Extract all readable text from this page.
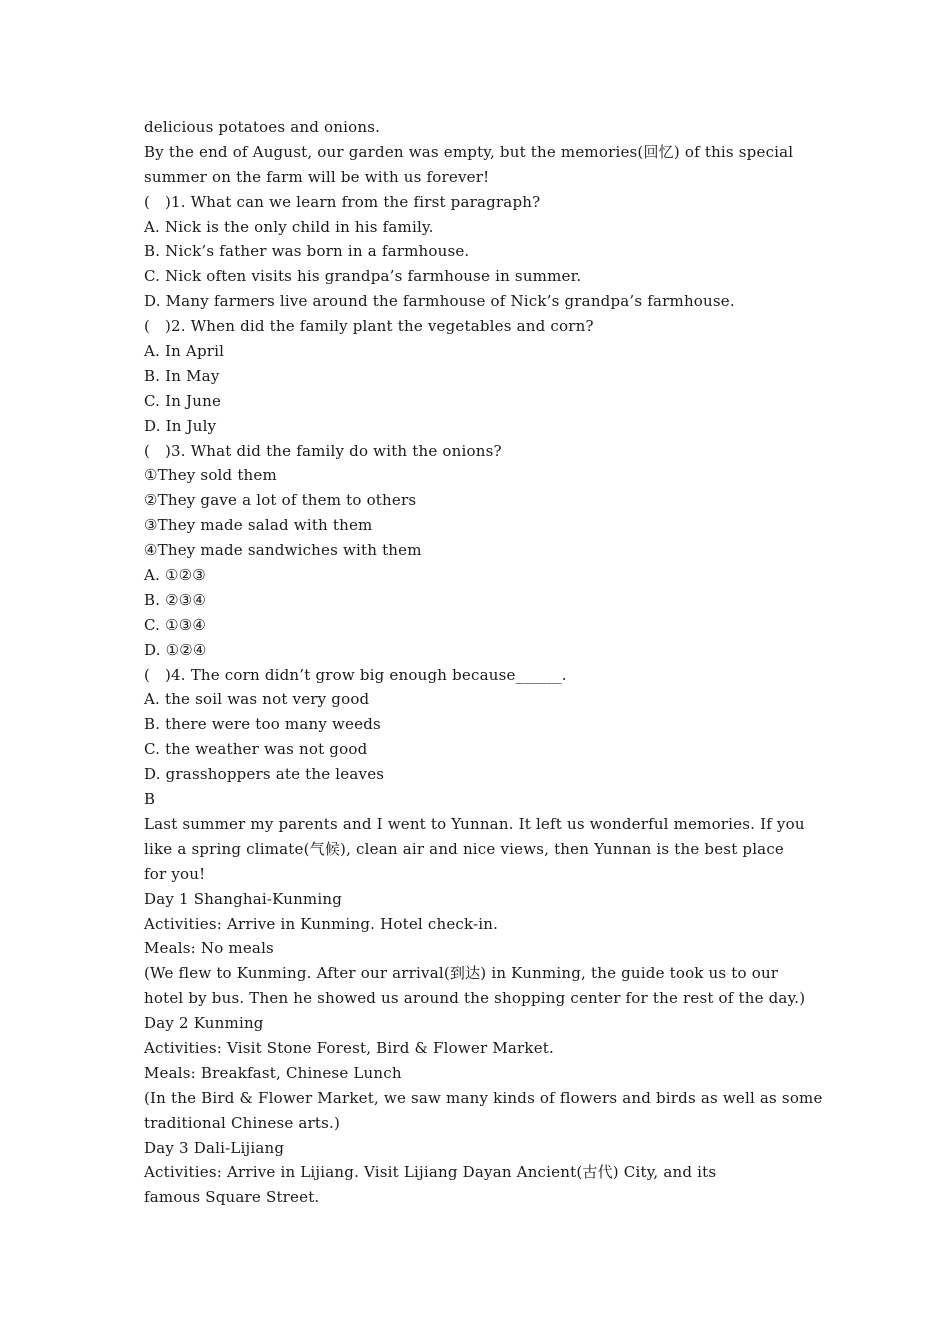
delicious potatoes and onions.
By the end of August, our garden was empty, but the memories(回忆) of this special
summer on the farm will be with us forever!
(   )1. What can we learn from the first paragraph?
A. Nick is the only child in his family.
B. Nick’s father was born in a farmhouse.
C. Nick often visits his grandpa’s farmhouse in summer.
D. Many farmers live around the farmhouse of Nick’s grandpa’s farmhouse.
(   )2. When did the family plant the vegetables and corn?
A. In April
B. In May
C. In June
D. In July
(   )3. What did the family do with the onions?
①They sold them
②They gave a lot of them to others
③They made salad with them
④They made sandwiches with them
A. ①②③
B. ②③④
C. ①③④
D. ①②④
(   )4. The corn didn’t grow big enough because______.
A. the soil was not very good
B. there were too many weeds
C. the weather was not good
D. grasshoppers ate the leaves
B
Last summer my parents and I went to Yunnan. It left us wonderful memories. If you
like a spring climate(气候), clean air and nice views, then Yunnan is the best place
for you!
Day 1 Shanghai-Kunming
Activities: Arrive in Kunming. Hotel check-in.
Meals: No meals
(We flew to Kunming. After our arrival(到达) in Kunming, the guide took us to our
hotel by bus. Then he showed us around the shopping center for the rest of the day.)
Day 2 Kunming
Activities: Visit Stone Forest, Bird & Flower Market.
Meals: Breakfast, Chinese Lunch
(In the Bird & Flower Market, we saw many kinds of flowers and birds as well as some
traditional Chinese arts.)
Day 3 Dali-Lijiang
Activities: Arrive in Lijiang. Visit Lijiang Dayan Ancient(古代) City, and its
famous Square Street.
